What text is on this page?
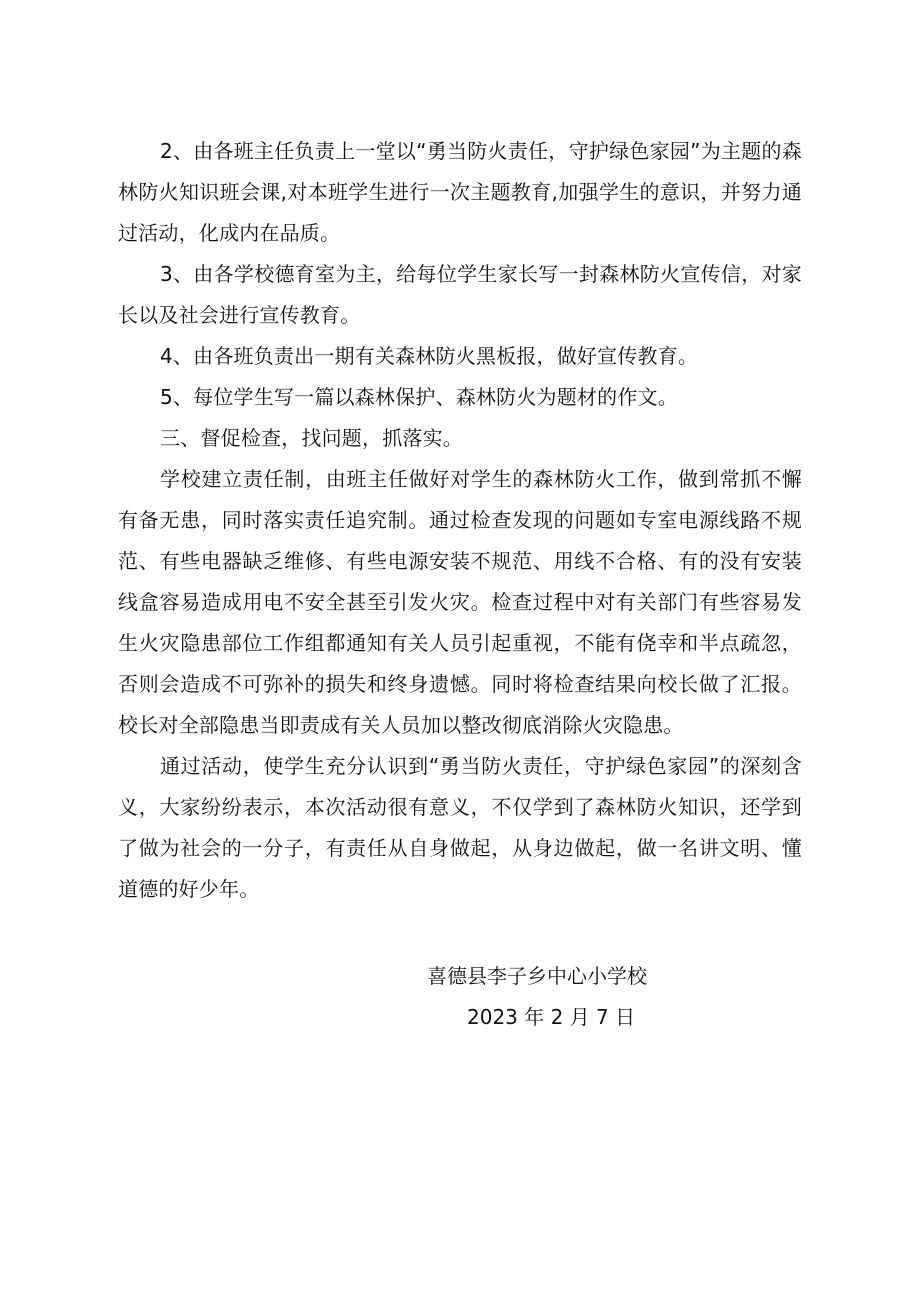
2、由各班主任负责上一堂以“勇当防火责任，守护绿色家园”为主题的森林防火知识班会课,对本班学生进行一次主题教育,加强学生的意识，并努力通过活动，化成内在品质。

3、由各学校德育室为主，给每位学生家长写一封森林防火宣传信，对家长以及社会进行宣传教育。

4、由各班负责出一期有关森林防火黑板报，做好宣传教育。

5、每位学生写一篇以森林保护、森林防火为题材的作文。

三、督促检查，找问题，抓落实。

学校建立责任制，由班主任做好对学生的森林防火工作，做到常抓不懈有备无患，同时落实责任追究制。通过检查发现的问题如专室电源线路不规范、有些电器缺乏维修、有些电源安装不规范、用线不合格、有的没有安装线盒容易造成用电不安全甚至引发火灾。检查过程中对有关部门有些容易发生火灾隐患部位工作组都通知有关人员引起重视，不能有侥幸和半点疏忽，否则会造成不可弥补的损失和终身遗憾。同时将检查结果向校长做了汇报。校长对全部隐患当即责成有关人员加以整改彻底消除火灾隐患。

通过活动，使学生充分认识到“勇当防火责任，守护绿色家园”的深刻含义，大家纷纷表示，本次活动很有意义，不仅学到了森林防火知识，还学到了做为社会的一分子，有责任从自身做起，从身边做起，做一名讲文明、懂道德的好少年。

喜德县李子乡中心小学校
2023 年 2 月 7 日
